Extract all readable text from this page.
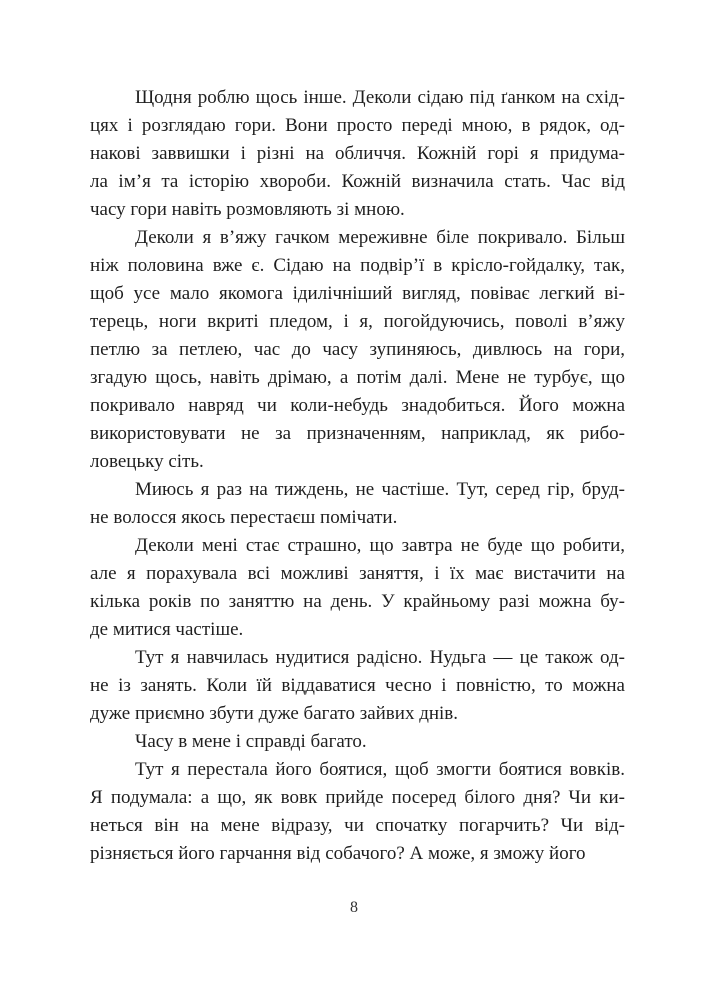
Щодня роблю щось інше. Деколи сідаю під ґанком на схід-
цях і розглядаю гори. Вони просто переді мною, в рядок, од-
накові заввишки і різні на обличчя. Кожній горі я придума-
ла ім’я та історію хвороби. Кожній визначила стать. Час від
часу гори навіть розмовляють зі мною.

Деколи я в’яжу гачком мереживне біле покривало. Більш
ніж половина вже є. Сідаю на подвір’ї в крісло-гойдалку, так,
щоб усе мало якомога ідилічніший вигляд, повіває легкий ві-
терець, ноги вкриті пледом, і я, погойдуючись, поволі в’яжу
петлю за петлею, час до часу зупиняюсь, дивлюсь на гори,
згадую щось, навіть дрімаю, а потім далі. Мене не турбує, що
покривало навряд чи коли-небудь знадобиться. Його можна
використовувати не за призначенням, наприклад, як рибо-
ловецьку сіть.

Миюсь я раз на тиждень, не частіше. Тут, серед гір, бруд-
не волосся якось перестаєш помічати.

Деколи мені стає страшно, що завтра не буде що робити,
але я порахувала всі можливі заняття, і їх має вистачити на
кілька років по заняттю на день. У крайньому разі можна бу-
де митися частіше.

Тут я навчилась нудитися радісно. Нудьга — це також од-
не із занять. Коли їй віддаватися чесно і повністю, то можна
дуже приємно збути дуже багато зайвих днів.

Часу в мене і справді багато.

Тут я перестала його боятися, щоб змогти боятися вовків.
Я подумала: а що, як вовк прийде посеред білого дня? Чи ки-
неться він на мене відразу, чи спочатку погарчить? Чи від-
різняється його гарчання від собачого? А може, я зможу його

8
